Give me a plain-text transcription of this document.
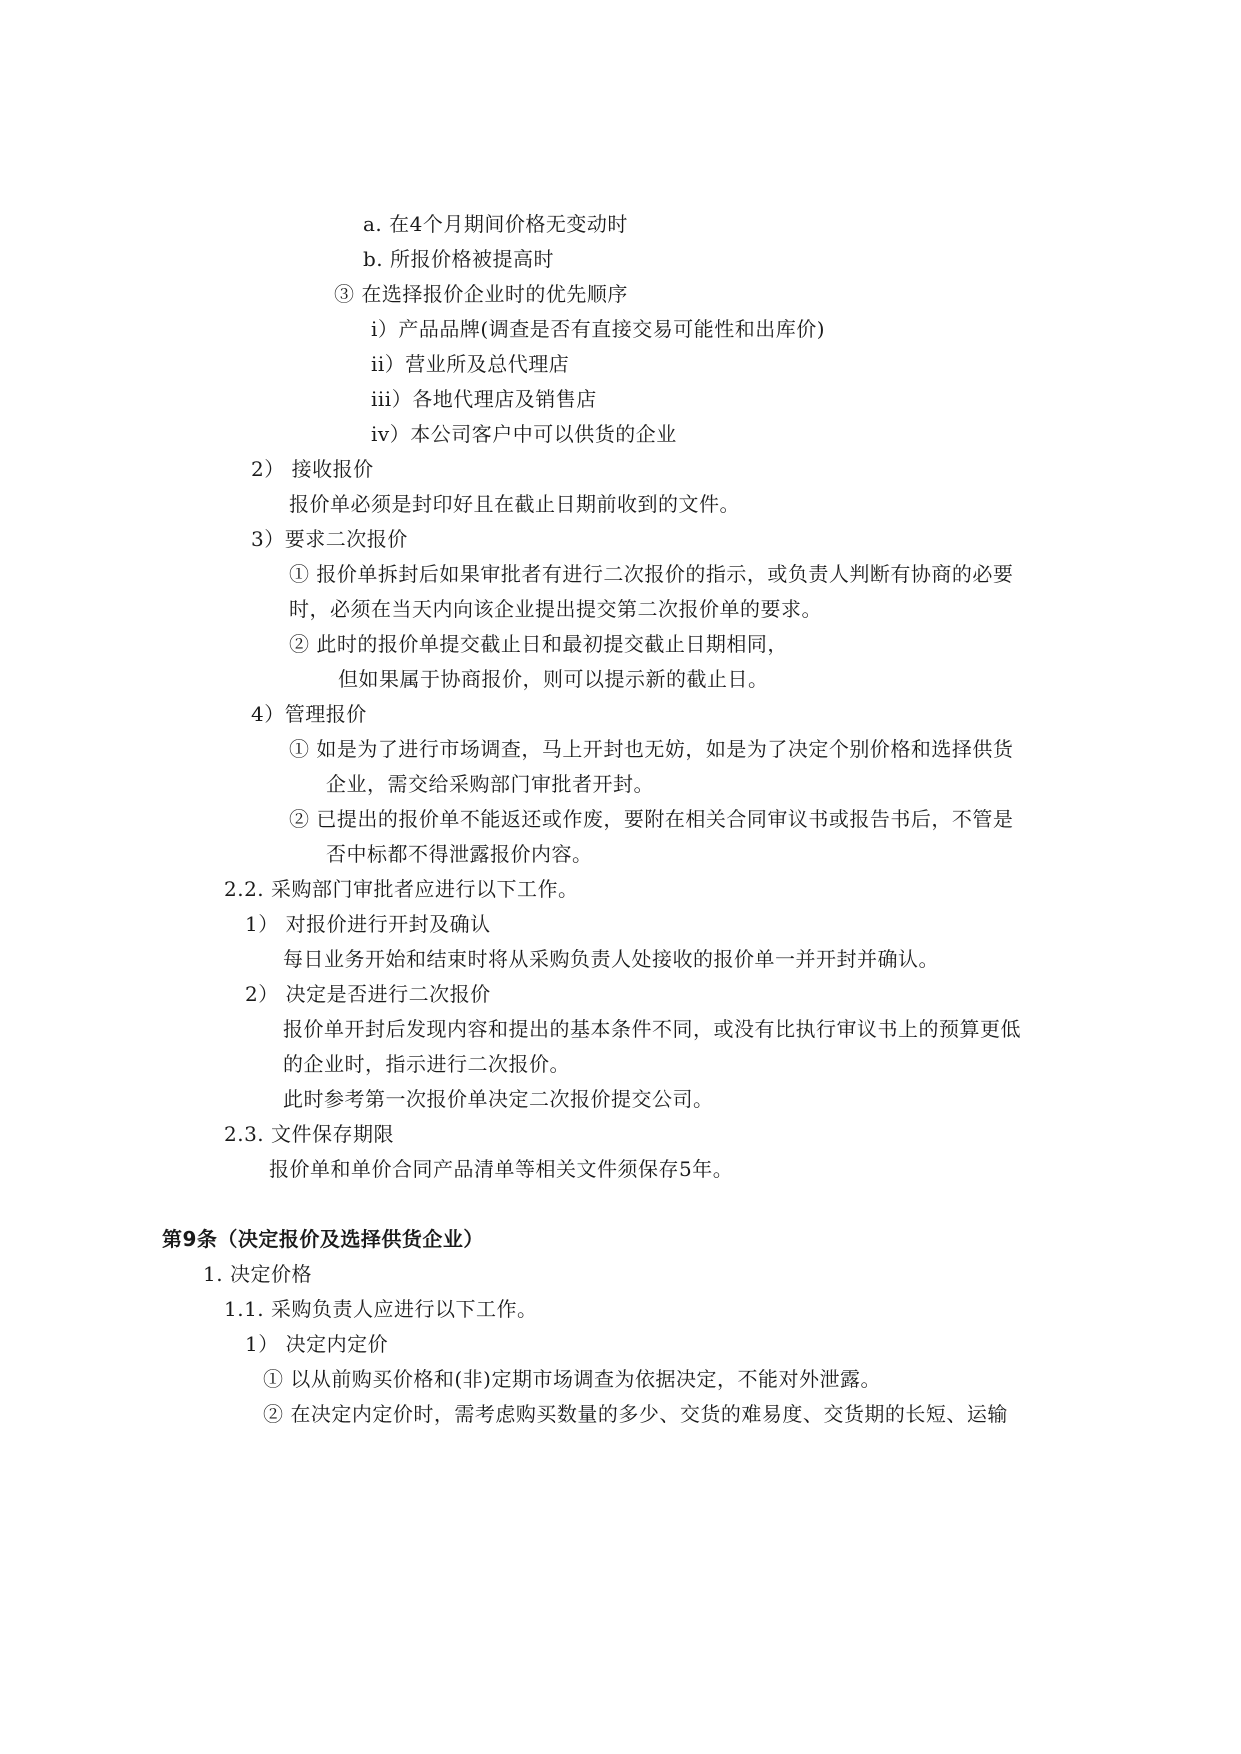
a. 在4个月期间价格无变动时
b. 所报价格被提高时
③ 在选择报价企业时的优先顺序
i）产品品牌(调查是否有直接交易可能性和出库价)
ii）营业所及总代理店
iii）各地代理店及销售店
iv）本公司客户中可以供货的企业
2） 接收报价
报价单必须是封印好且在截止日期前收到的文件。
3）要求二次报价
① 报价单拆封后如果审批者有进行二次报价的指示，或负责人判断有协商的必要
时，必须在当天内向该企业提出提交第二次报价单的要求。
② 此时的报价单提交截止日和最初提交截止日期相同，
但如果属于协商报价，则可以提示新的截止日。
4）管理报价
① 如是为了进行市场调查，马上开封也无妨，如是为了决定个别价格和选择供货
企业，需交给采购部门审批者开封。
② 已提出的报价单不能返还或作废，要附在相关合同审议书或报告书后，不管是
否中标都不得泄露报价内容。
2.2. 采购部门审批者应进行以下工作。
1） 对报价进行开封及确认
每日业务开始和结束时将从采购负责人处接收的报价单一并开封并确认。
2） 决定是否进行二次报价
报价单开封后发现内容和提出的基本条件不同，或没有比执行审议书上的预算更低
的企业时，指示进行二次报价。
此时参考第一次报价单决定二次报价提交公司。
2.3. 文件保存期限
报价单和单价合同产品清单等相关文件须保存5年。
第9条（决定报价及选择供货企业）
1. 决定价格
1.1. 采购负责人应进行以下工作。
1） 决定内定价
① 以从前购买价格和(非)定期市场调查为依据决定，不能对外泄露。
② 在决定内定价时，需考虑购买数量的多少、交货的难易度、交货期的长短、运输
